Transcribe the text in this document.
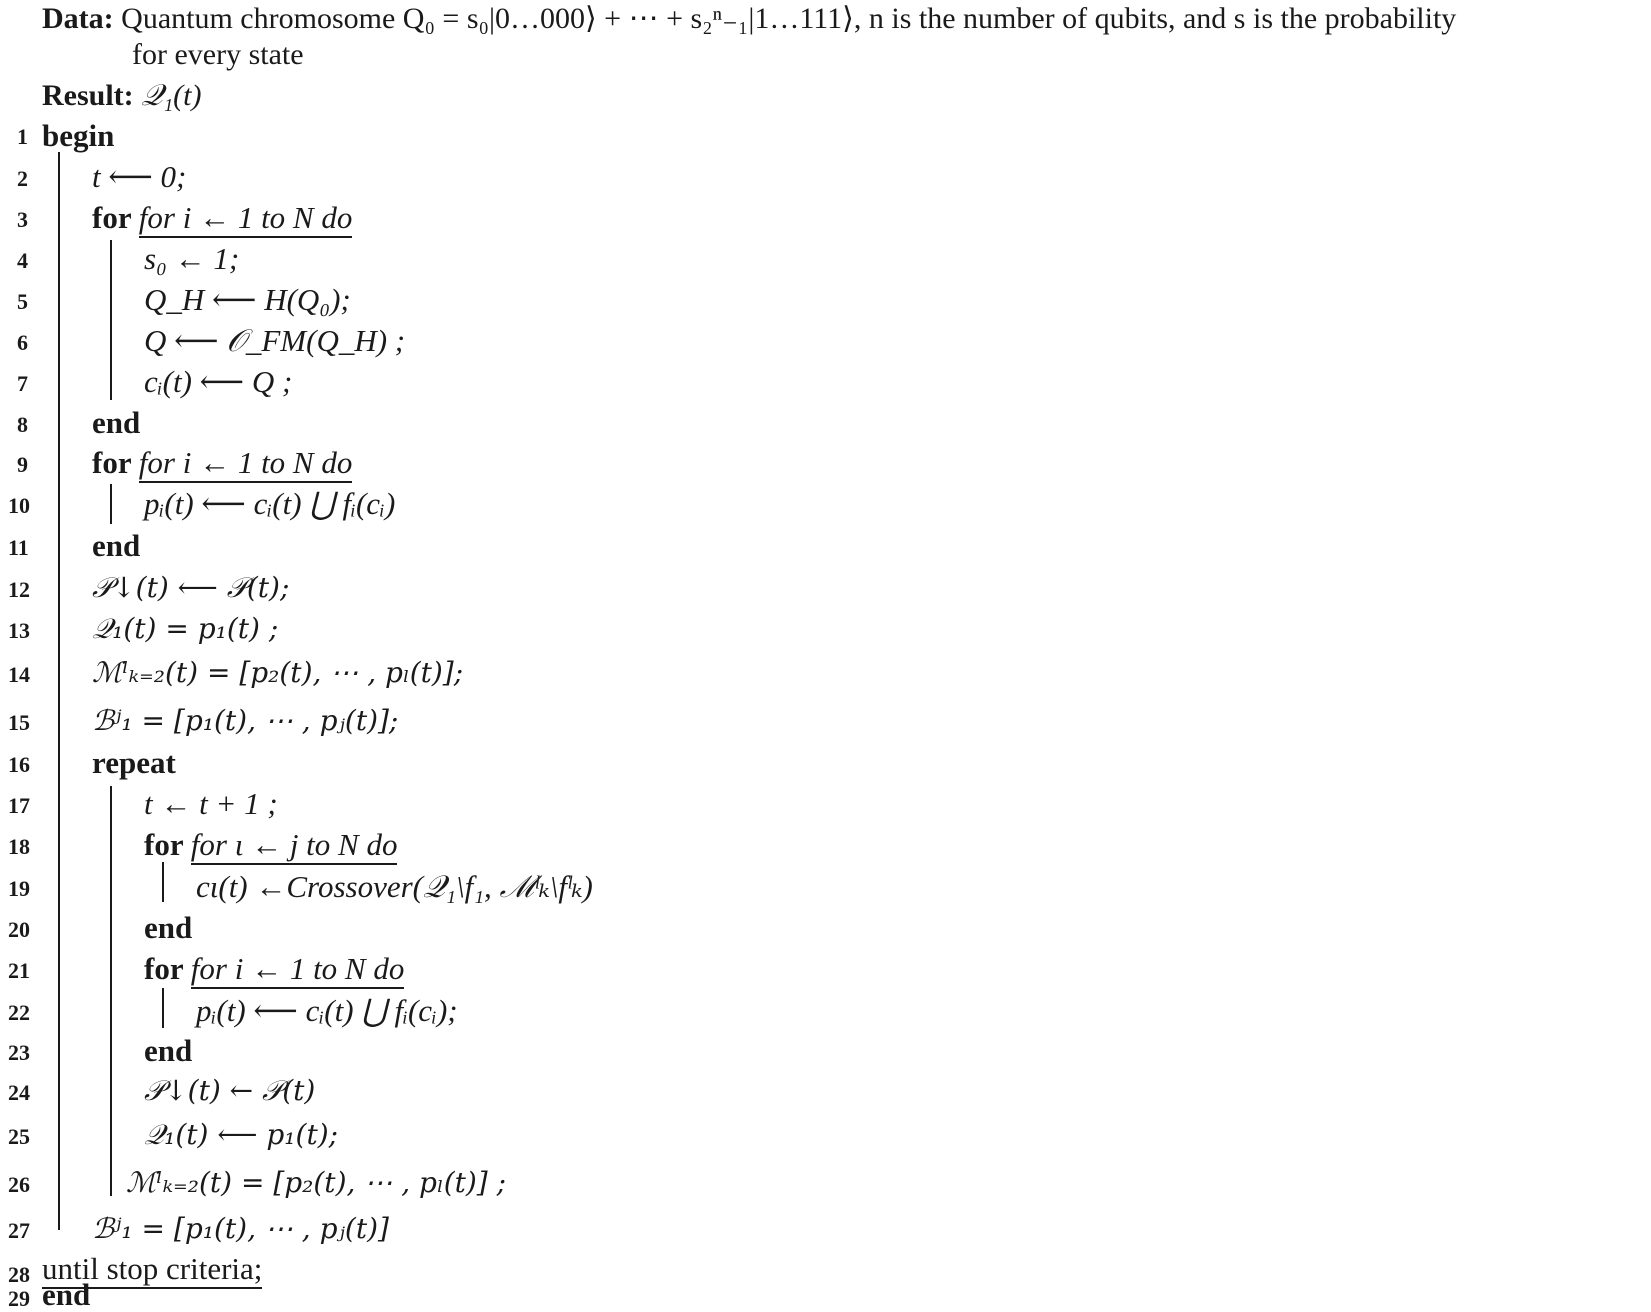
Data: Quantum chromosome Q₀ = s₀|0…000⟩ + ⋯ + s₂ⁿ₋₁|1…111⟩, n is the number of qubits, and s is the probability
for every state
Result: 𝒬₁(t)
1
2
3
4
5
6
7
8
9
10
11
12
13
14
15
16
17
18
19
20
21
22
23
24
25
26
27
28
29
begin
t ⟵ 0;
for for i ← 1 to N do
s₀ ← 1;
Q_H ⟵ H(Q₀);
Q ⟵ 𝒪_FM(Q_H) ;
cᵢ(t) ⟵ Q ;
end
for for i ← 1 to N do
pᵢ(t) ⟵ cᵢ(t) ⋃ fᵢ(cᵢ)
end
𝒫↓(t) ⟵ 𝒫(t);
𝒬₁(t) = p₁(t) ;
ℳˡₖ₌₂(t) = [p₂(t), ⋯ , pₗ(t)];
ℬʲ₁ = [p₁(t), ⋯ , pⱼ(t)];
repeat
t ← t + 1 ;
for for ι ← j to N do
cι(t) ←Crossover(𝒬₁\f₁, ℳˡₖ\fˡₖ)
end
for for i ← 1 to N do
pᵢ(t) ⟵ cᵢ(t) ⋃ fᵢ(cᵢ);
end
𝒫↓(t) ← 𝒫(t)
𝒬₁(t) ⟵ p₁(t);
ℳˡₖ₌₂(t) = [p₂(t), ⋯ , pₗ(t)] ;
ℬʲ₁ = [p₁(t), ⋯ , pⱼ(t)]
until stop criteria;
end
